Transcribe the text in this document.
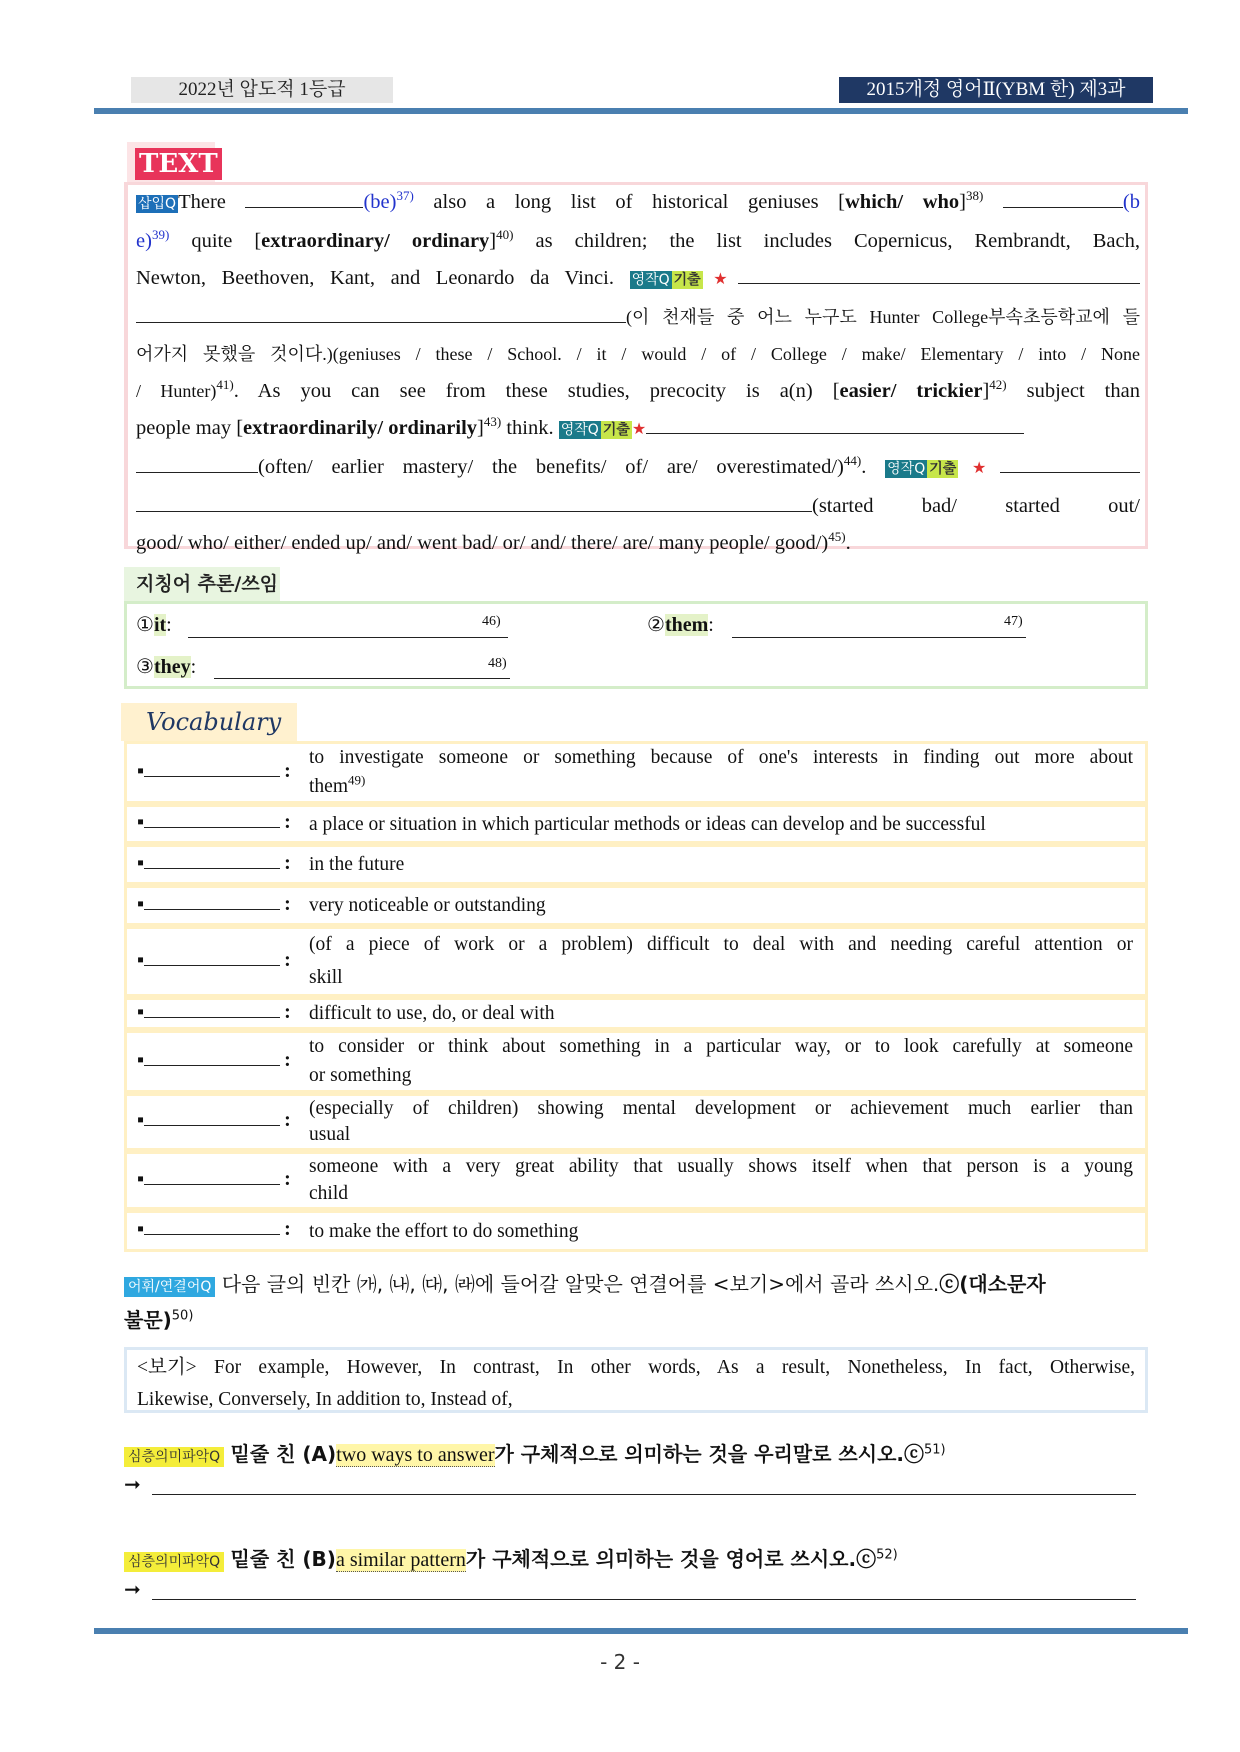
2022년 압도적 1등급	2015개정 영어Ⅱ(YBM 한) 제3과
TEXT
삽입QThere	(be)$^{37)}$ also a long list of historical geniuses [which/ who]$^{38)}$	(b
e)$^{39)}$ quite [extraordinary/ ordinary]$^{40)}$ as children; the list includes Copernicus, Rembrandt, Bach,
Newton, Beethoven, Kant, and Leonardo da Vinci. 영작Q 기출 ★
(이 천재들 중 어느 누구도 Hunter College부속초등학교에 들
어가지 못했을 것이다.)(geniuses / these / School. / it / would / of / College / make/ Elementary / into / None
/ Hunter)$^{41)}$. As you can see from these studies, precocity is a(n) [easier/ trickier]$^{42)}$ subject than
people may [extraordinarily/ ordinarily]$^{43)}$ think. 영작Q 기출 ★
(often/ earlier mastery/ the benefits/ of/ are/ overestimated/)$^{44)}$. 영작Q 기출 ★
(started bad/ started out/
good/ who/ either/ ended up/ and/ went bad/ or/ and/ there/ are/ many people/ good/)$^{45)}$.
지칭어 추론/쓰임
①it:	46)	②them:	47)
③they:	48)
Vocabulary
▪	:
to investigate someone or something because of one's interests in finding out more about
them$^{49)}$
▪	: a place or situation in which particular methods or ideas can develop and be successful
▪	: in the future
▪	: very noticeable or outstanding
▪	:
(of a piece of work or a problem) difficult to deal with and needing careful attention or
skill
▪	: difficult to use, do, or deal with
▪	:
to consider or think about something in a particular way, or to look carefully at someone
or something
▪	:
(especially of children) showing mental development or achievement much earlier than
usual
▪	:
someone with a very great ability that usually shows itself when that person is a young
child
▪	: to make the effort to do something
어휘/연결어Q 다음 글의 빈칸 ㈎, ㈏, ㈐, ㈑에 들어갈 알맞은 연결어를 <보기>에서 골라 쓰시오.ⓒ(대소문자
불문)$^{50)}$
<보기> For example, However, In contrast, In other words, As a result, Nonetheless, In fact, Otherwise,
Likewise, Conversely, In addition to, Instead of,
심층의미파악Q 밑줄 친 (A)two ways to answer가 구체적으로 의미하는 것을 우리말로 쓰시오.ⓒ$^{51)}$
➞
심층의미파악Q 밑줄 친 (B)a similar pattern가 구체적으로 의미하는 것을 영어로 쓰시오.ⓒ$^{52)}$
➞
- 2 -
